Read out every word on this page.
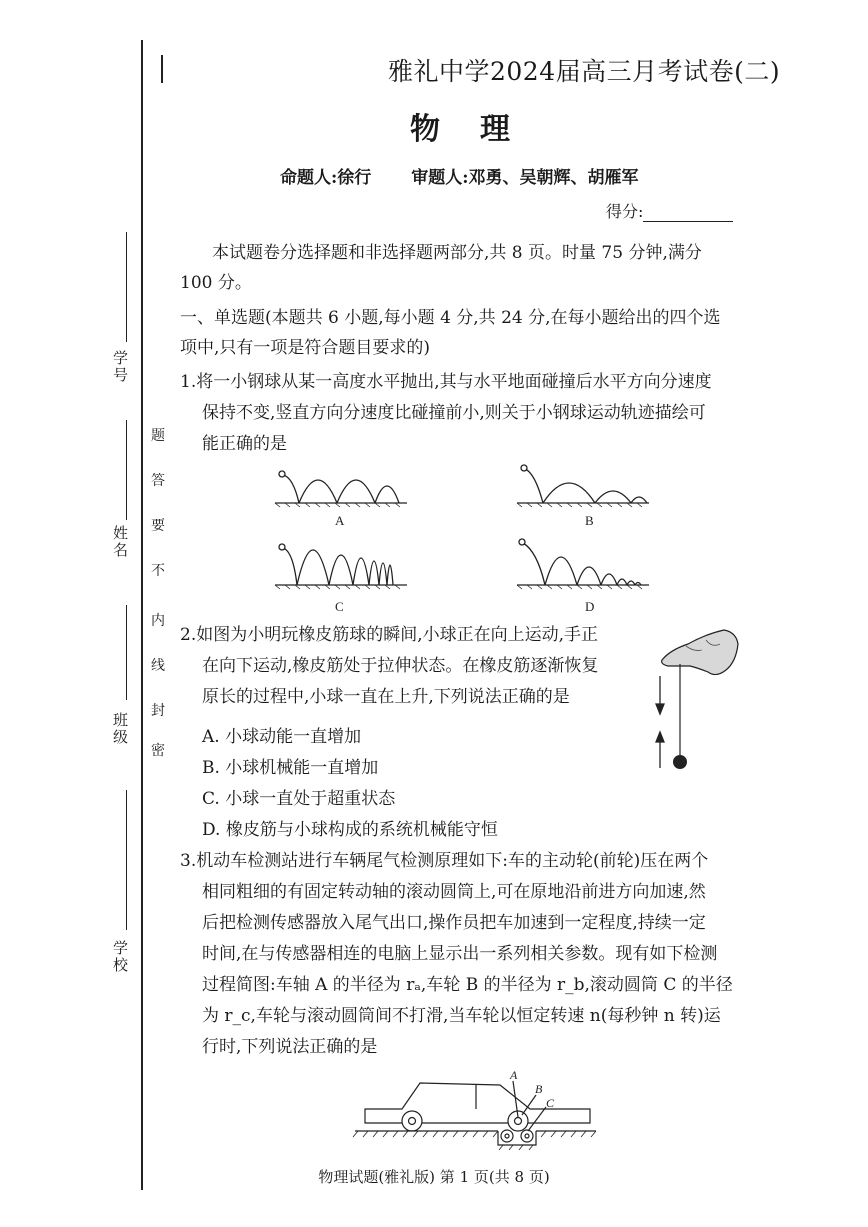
学号
姓名
班级
学校
密
封
线
内
不
要
答
题
雅礼中学2024届高三月考试卷(二)
物理
命题人:徐行 审题人:邓勇、吴朝辉、胡雁军
得分:
本试题卷分选择题和非选择题两部分,共 8 页。时量 75 分钟,满分
100 分。
一、单选题(本题共 6 小题,每小题 4 分,共 24 分,在每小题给出的四个选
项中,只有一项是符合题目要求的)
1.将一小钢球从某一高度水平抛出,其与水平地面碰撞后水平方向分速度
保持不变,竖直方向分速度比碰撞前小,则关于小钢球运动轨迹描绘可
能正确的是
A	B
C	D
2.如图为小明玩橡皮筋球的瞬间,小球正在向上运动,手正
在向下运动,橡皮筋处于拉伸状态。在橡皮筋逐渐恢复
原长的过程中,小球一直在上升,下列说法正确的是
A. 小球动能一直增加
B. 小球机械能一直增加
C. 小球一直处于超重状态
D. 橡皮筋与小球构成的系统机械能守恒
3.机动车检测站进行车辆尾气检测原理如下:车的主动轮(前轮)压在两个
相同粗细的有固定转动轴的滚动圆筒上,可在原地沿前进方向加速,然
后把检测传感器放入尾气出口,操作员把车加速到一定程度,持续一定
时间,在与传感器相连的电脑上显示出一系列相关参数。现有如下检测
过程简图:车轴 A 的半径为 rₐ,车轮 B 的半径为 r_b,滚动圆筒 C 的半径
为 r_c,车轮与滚动圆筒间不打滑,当车轮以恒定转速 n(每秒钟 n 转)运
行时,下列说法正确的是
A
B
C
物理试题(雅礼版) 第 1 页(共 8 页)
